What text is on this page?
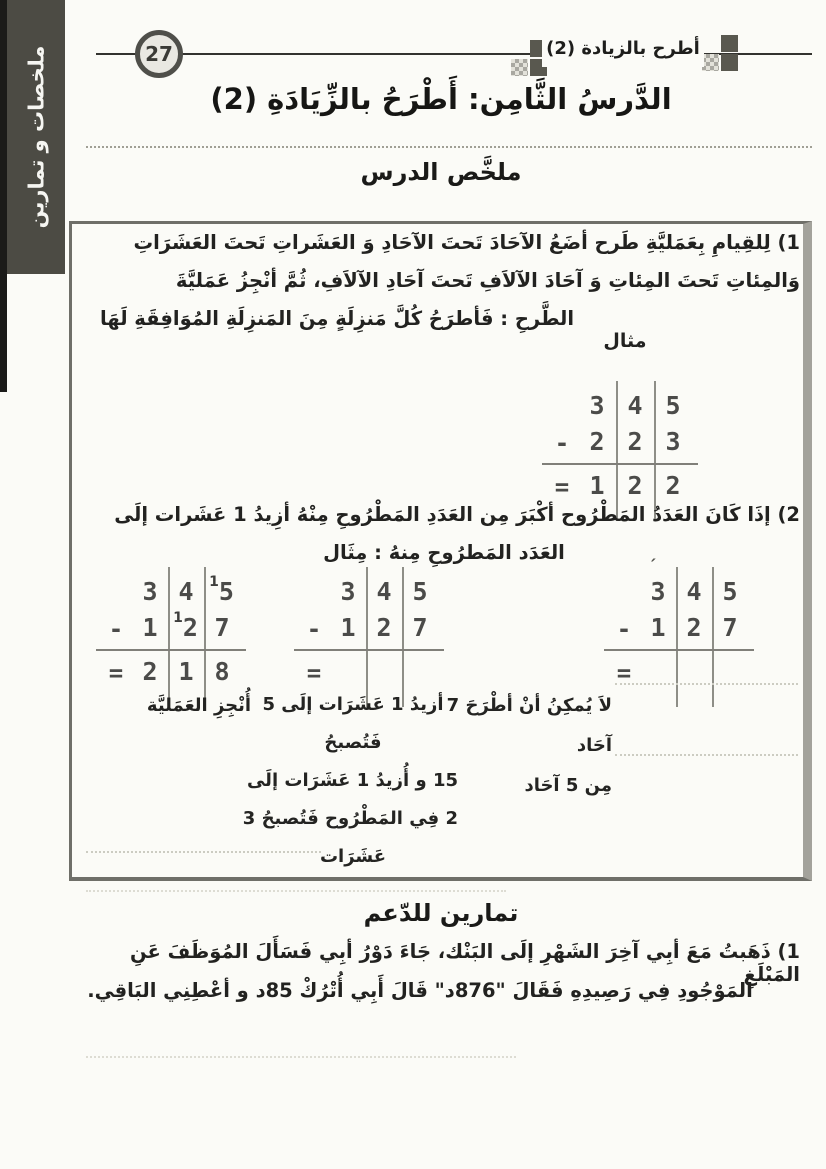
ملخصات و تمارين	27	أطرح بالزيادة (2)
الدَّرسُ الثَّامِن: أَطْرَحُ بالزِّيَادَةِ (2)
ملخَّص الدرس
1) لِلقِيامِ بِعَمَليَّةِ طَرح أضَعُ الآحَادَ تَحتَ الآحَادِ وَ العَشَراتِ تَحتَ العَشَرَاتِ
وَالمِئاتِ تَحتَ المِئاتِ وَ آحَادَ الآلاَفِ تَحتَ آحَادِ الآلاَفِ، ثُمَّ أنْجِزُ عَمَليَّةَ
الطَّرحِ : فَأطرَحُ كُلَّ مَنزِلَةٍ مِنَ المَنزِلَةِ المُوَافِقَةِ لَهَا
مثال
3 4 5
- 2 2 3
= 1 2 2
2) إذَا كَانَ العَدَدُ المَطْرُوح أكْبَرَ مِن العَدَدِ المَطْرُوحِ مِنْهُ أزِيدُ 1 عَشَرات إلَى
العَدَد المَطرُوحِ مِنهُ : مِثَال
´
3 4 5
- 1 2 7
=
3 4 5
- 1 2 7
=
3 4	1 5
- 1	1 2 7
= 2 1 8
لاَ يُمكِنُ أنْ أطْرَحَ 7
آحَاد
مِن 5 آحَاد
أزيدُ 1 عَشَرَات إلَى 5
فَتُصبحُ
15 و أُزيدُ 1 عَشَرَات إلَى
2 فِي المَطْرُوح فَتُصبحُ 3
عَشَرَات
أُنْجِزِ العَمَليَّة
تمارين للدّعم
1) ذَهَبتُ مَعَ أبِي آخِرَ الشَهْرِ إلَى البَنْك، جَاءَ دَوْرُ أبِي فَسَأَلَ المُوَظَفَ عَنِ المَبْلَغِ
المَوْجُودِ فِي رَصِيدِهِ فَقَالَ "876د" قَالَ أَبِي أُتْرُكْ 85د و أعْطِنِي البَاقِي.
